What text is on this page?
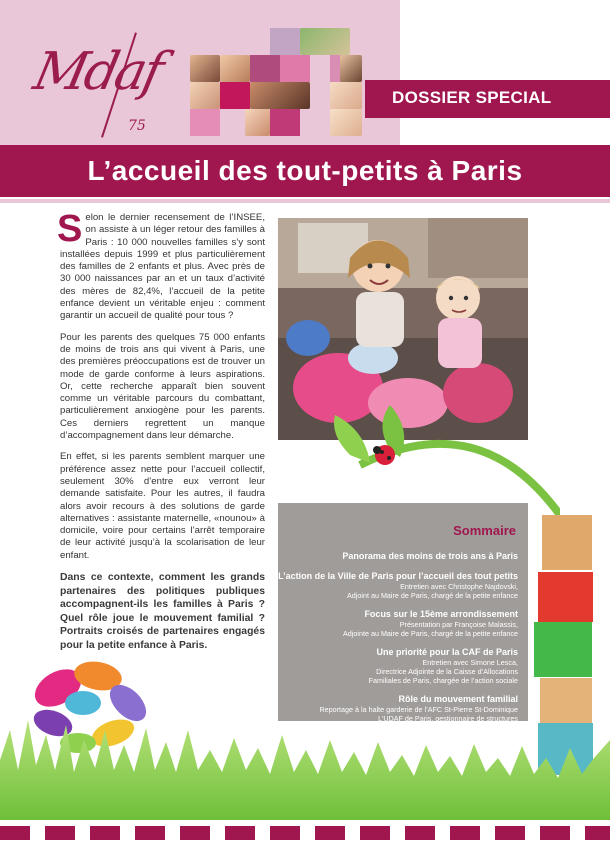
Mdaf
75
DOSSIER SPECIAL
L’accueil des tout-petits à Paris

Selon le dernier recensement de l’INSEE, on assiste à un léger retour des familles à Paris : 10 000 nouvelles familles s’y sont installées depuis 1999 et plus particulièrement des familles de 2 enfants et plus. Avec près de 30 000 naissances par an et un taux d’activité des mères de 82,4%, l’accueil de la petite enfance devient un véritable enjeu : comment garantir un accueil de qualité pour tous ?

Pour les parents des quelques 75 000 enfants de moins de trois ans qui vivent à Paris, une des premières préoccupations est de trouver un mode de garde conforme à leurs aspirations. Or, cette recherche apparaît bien souvent comme un véritable parcours du combattant, particulièrement anxiogène pour les parents. Ces derniers regrettent un manque d’accompagnement dans leur démarche.

En effet, si les parents semblent marquer une préférence assez nette pour l’accueil collectif, seulement 30% d’entre eux verront leur demande satisfaite. Pour les autres, il faudra alors avoir recours à des solutions de garde alternatives : assistante maternelle, «nounou» à domicile, voire pour certains l’arrêt temporaire de leur activité jusqu’à la scolarisation de leur enfant.

Dans ce contexte, comment les grands partenaires des politiques publiques accompagnent-ils les familles à Paris ? Quel rôle joue le mouvement familial ? Portraits croisés de partenaires engagés pour la petite enfance à Paris.

Sommaire
Panorama des moins de trois ans à Paris
L’action de la Ville de Paris pour l’accueil des tout petits
Entretien avec Christophe Najdovski,
Adjoint au Maire de Paris, chargé de la petite enfance
Focus sur le 15ème arrondissement
Présentation par Françoise Malassis,
Adjointe au Maire de Paris, chargé de la petite enfance
Une priorité pour la CAF de Paris
Entretien avec Simone Lesca,
Directrice Adjointe de la Caisse d’Allocations
Familiales de Paris, chargée de l’action sociale
Rôle du mouvement familial
Reportage à la halte garderie de l’AFC St-Pierre St-Dominique
L’UDAF de Paris, gestionnaire de structures
L’UNAF se mobilise dans le champ de la petite enfance
